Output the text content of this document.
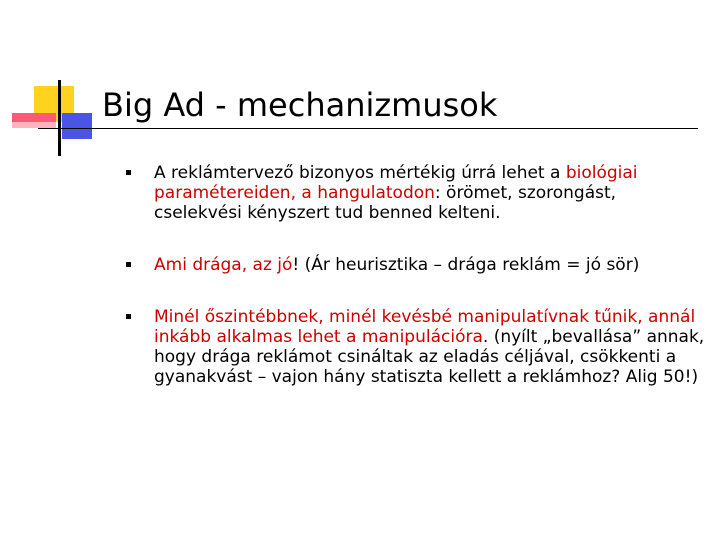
Big Ad - mechanizmusok
A reklámtervező bizonyos mértékig úrrá lehet a biológiai paramétereiden, a hangulatodon: örömet, szorongást, cselekvési kényszert tud benned kelteni.
Ami drága, az jó! (Ár heurisztika – drága reklám = jó sör)
Minél őszintébbnek, minél kevésbé manipulatívnak tűnik, annál inkább alkalmas lehet a manipulációra. (nyílt „bevallása” annak, hogy drága reklámot csináltak az eladás céljával, csökkenti a gyanakvást – vajon hány statiszta kellett a reklámhoz? Alig 50!)
